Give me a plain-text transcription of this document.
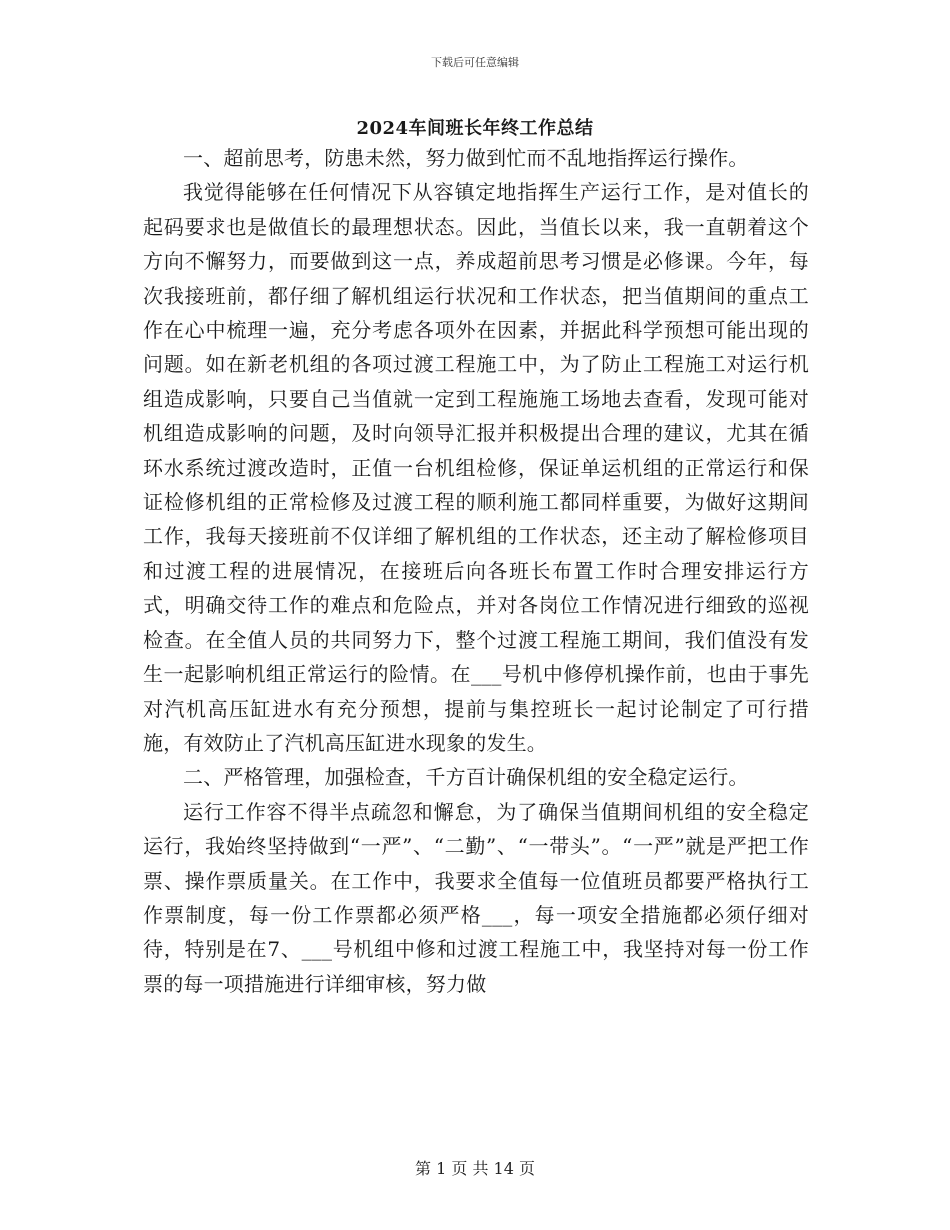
下载后可任意编辑
2024车间班长年终工作总结

一、超前思考，防患未然，努力做到忙而不乱地指挥运行操作。

我觉得能够在任何情况下从容镇定地指挥生产运行工作，是对值长的起码要求也是做值长的最理想状态。因此，当值长以来，我一直朝着这个方向不懈努力，而要做到这一点，养成超前思考习惯是必修课。今年，每次我接班前，都仔细了解机组运行状况和工作状态，把当值期间的重点工作在心中梳理一遍，充分考虑各项外在因素，并据此科学预想可能出现的问题。如在新老机组的各项过渡工程施工中，为了防止工程施工对运行机组造成影响，只要自己当值就一定到工程施施工场地去查看，发现可能对机组造成影响的问题，及时向领导汇报并积极提出合理的建议，尤其在循环水系统过渡改造时，正值一台机组检修，保证单运机组的正常运行和保证检修机组的正常检修及过渡工程的顺利施工都同样重要，为做好这期间工作，我每天接班前不仅详细了解机组的工作状态，还主动了解检修项目和过渡工程的进展情况，在接班后向各班长布置工作时合理安排运行方式，明确交待工作的难点和危险点，并对各岗位工作情况进行细致的巡视检查。在全值人员的共同努力下，整个过渡工程施工期间，我们值没有发生一起影响机组正常运行的险情。在___号机中修停机操作前，也由于事先对汽机高压缸进水有充分预想，提前与集控班长一起讨论制定了可行措施，有效防止了汽机高压缸进水现象的发生。

二、严格管理，加强检查，千方百计确保机组的安全稳定运行。

运行工作容不得半点疏忽和懈怠，为了确保当值期间机组的安全稳定运行，我始终坚持做到“一严”、“二勤”、“一带头”。“一严”就是严把工作票、操作票质量关。在工作中，我要求全值每一位值班员都要严格执行工作票制度，每一份工作票都必须严格___，每一项安全措施都必须仔细对待，特别是在7、___号机组中修和过渡工程施工中，我坚持对每一份工作票的每一项措施进行详细审核，努力做

第 1 页 共 14 页
